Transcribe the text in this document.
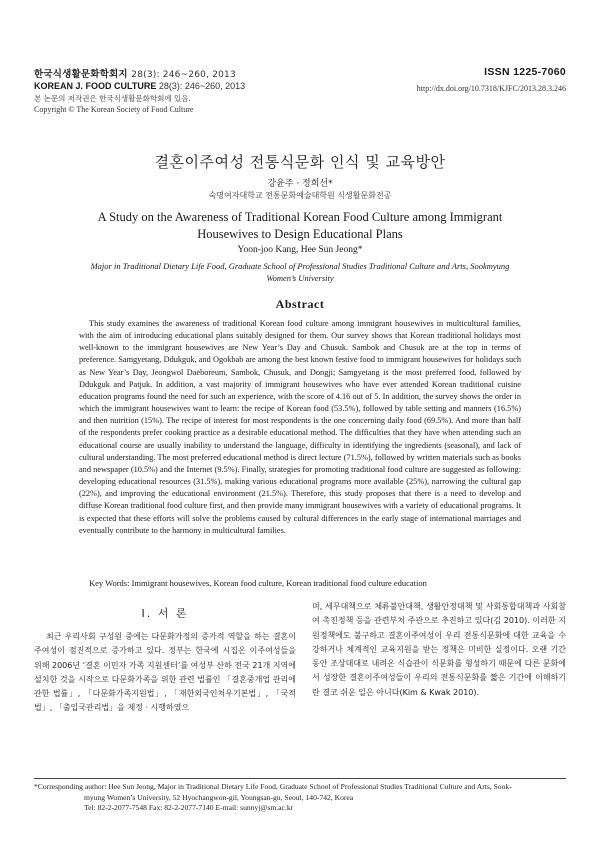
한국식생활문화학회지 28(3): 246~260, 2013
KOREAN J. FOOD CULTURE 28(3): 246~260, 2013
본 논문의 저작권은 한국식생활문화학회에 있음.
Copyright © The Korean Society of Food Culture
ISSN 1225-7060
http://dx.doi.org/10.7318/KJFC/2013.28.3.246
결혼이주여성 전통식문화 인식 및 교육방안
강윤주 · 정희선*
숙명여자대학교 전통문화예술대학원 식생활문화전공
A Study on the Awareness of Traditional Korean Food Culture among Immigrant Housewives to Design Educational Plans
Yoon-joo Kang, Hee Sun Jeong*
Major in Traditional Dietary Life Food, Graduate School of Professional Studies Traditional Culture and Arts, Sookmyung Women’s University
Abstract

This study examines the awareness of traditional Korean food culture among immigrant housewives in multicultural families, with the aim of introducing educational plans suitably designed for them. Our survey shows that Korean traditional holidays most well-known to the immigrant housewives are New Year’s Day and Chusuk. Sambok and Chusuk are at the top in terms of preference. Samgyetang, Ddukguk, and Ogokbab are among the best known festive food to immigrant housewives for holidays such as New Year’s Day, Jeongwol Daeboreum, Sambok, Chusuk, and Dongji; Samgyetang is the most preferred food, followed by Ddukguk and Patjuk. In addition, a vast majority of immigrant housewives who have ever attended Korean traditional cuisine education programs found the need for such an experience, with the score of 4.16 out of 5. In addition, the survey shows the order in which the immigrant housewives want to learn: the recipe of Korean food (53.5%), followed by table setting and manners (16.5%) and then nutrition (15%). The recipe of interest for most respondents is the one concerning daily food (69.5%). And more than half of the respondents prefer cooking practice as a desirable educational method. The difficulties that they have when attending such an educational course are usually inability to understand the language, difficulty in identifying the ingredients (seasonal), and lack of cultural understanding. The most preferred educational method is direct lecture (71.5%), followed by written materials such as books and newspaper (10.5%) and the Internet (9.5%). Finally, strategies for promoting traditional food culture are suggested as following: developing educational resources (31.5%), making various educational programs more available (25%), narrowing the cultural gap (22%), and improving the educational environment (21.5%). Therefore, this study proposes that there is a need to develop and diffuse Korean traditional food culture first, and then provide many immigrant housewives with a variety of educational programs. It is expected that these efforts will solve the problems caused by cultural differences in the early stage of international marriages and eventually contribute to the harmony in multicultural families.

Key Words: Immigrant housewives, Korean food culture, Korean traditional food culture education
I. 서 론

최근 우리사회 구성원 중에는 다문화가정의 증가적 역할을 하는 결혼이주여성이 점진적으로 증가하고 있다. 정부는 한국에 시집온 이주여성들을 위해 2006년 ‘결혼 이민자 가족 지원센터’를 여성부 산하 전국 21개 지역에 설치한 것을 시작으로 다문화가족을 위한 관련 법률인 「결혼중개업 관리에 관한 법률」, 「다문화가족지원법」, 「재한외국인처우기본법」, 「국적법」, 「출입국관리법」을 제정 · 시행하였으

며, 세무대책으로 체류불안대책, 생활안정대책 및 사회통합대책과 사회참여 촉진정책 등을 관련부처 주관으로 추진하고 있다(김 2010). 이러한 지원정책에도 불구하고 결혼이주여성이 우리 전통식문화에 대한 교육을 수강하거나 체계적인 교육지원을 받는 정책은 미비한 실정이다. 오랜 기간 동안 조상대대로 내려온 식습관이 식문화를 형성하기 때문에 다른 문화에서 성장한 결혼이주여성들이 우리의 전통식문화를 짧은 기간에 이해하기란 결코 쉬운 일은 아니다(Kim & Kwak 2010).

*Corresponding author: Hee Sun Jeong, Major in Traditional Dietary Life Food, Graduate School of Professional Studies Traditional Culture and Arts, Sook-
myung Women’s University, 52 Hyochangwon-gil, Youngsan-gu, Seoul, 140-742, Korea
Tel: 82-2-2077-7548 Fax: 82-2-2077-7140 E-mail: sunnyj@sm.ac.kr
